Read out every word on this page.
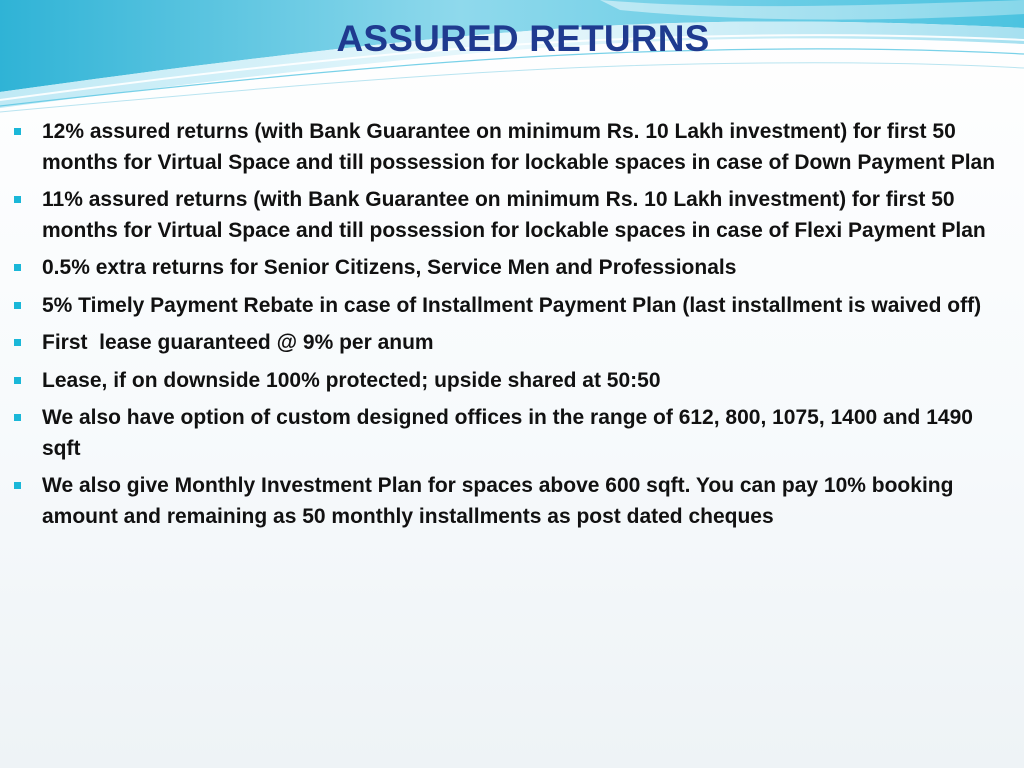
ASSURED RETURNS
12% assured returns (with Bank Guarantee on minimum Rs. 10 Lakh investment) for first 50 months for Virtual Space and till possession for lockable spaces in case of Down Payment Plan
11% assured returns (with Bank Guarantee on minimum Rs. 10 Lakh investment) for first 50 months for Virtual Space and till possession for lockable spaces in case of Flexi Payment Plan
0.5% extra returns for Senior Citizens, Service Men and Professionals
5% Timely Payment Rebate in case of Installment Payment Plan (last installment is waived off)
First  lease guaranteed @ 9% per anum
Lease, if on downside 100% protected; upside shared at 50:50
We also have option of custom designed offices in the range of 612, 800, 1075, 1400 and 1490 sqft
We also give Monthly Investment Plan for spaces above 600 sqft. You can pay 10% booking amount and remaining as 50 monthly installments as post dated cheques
